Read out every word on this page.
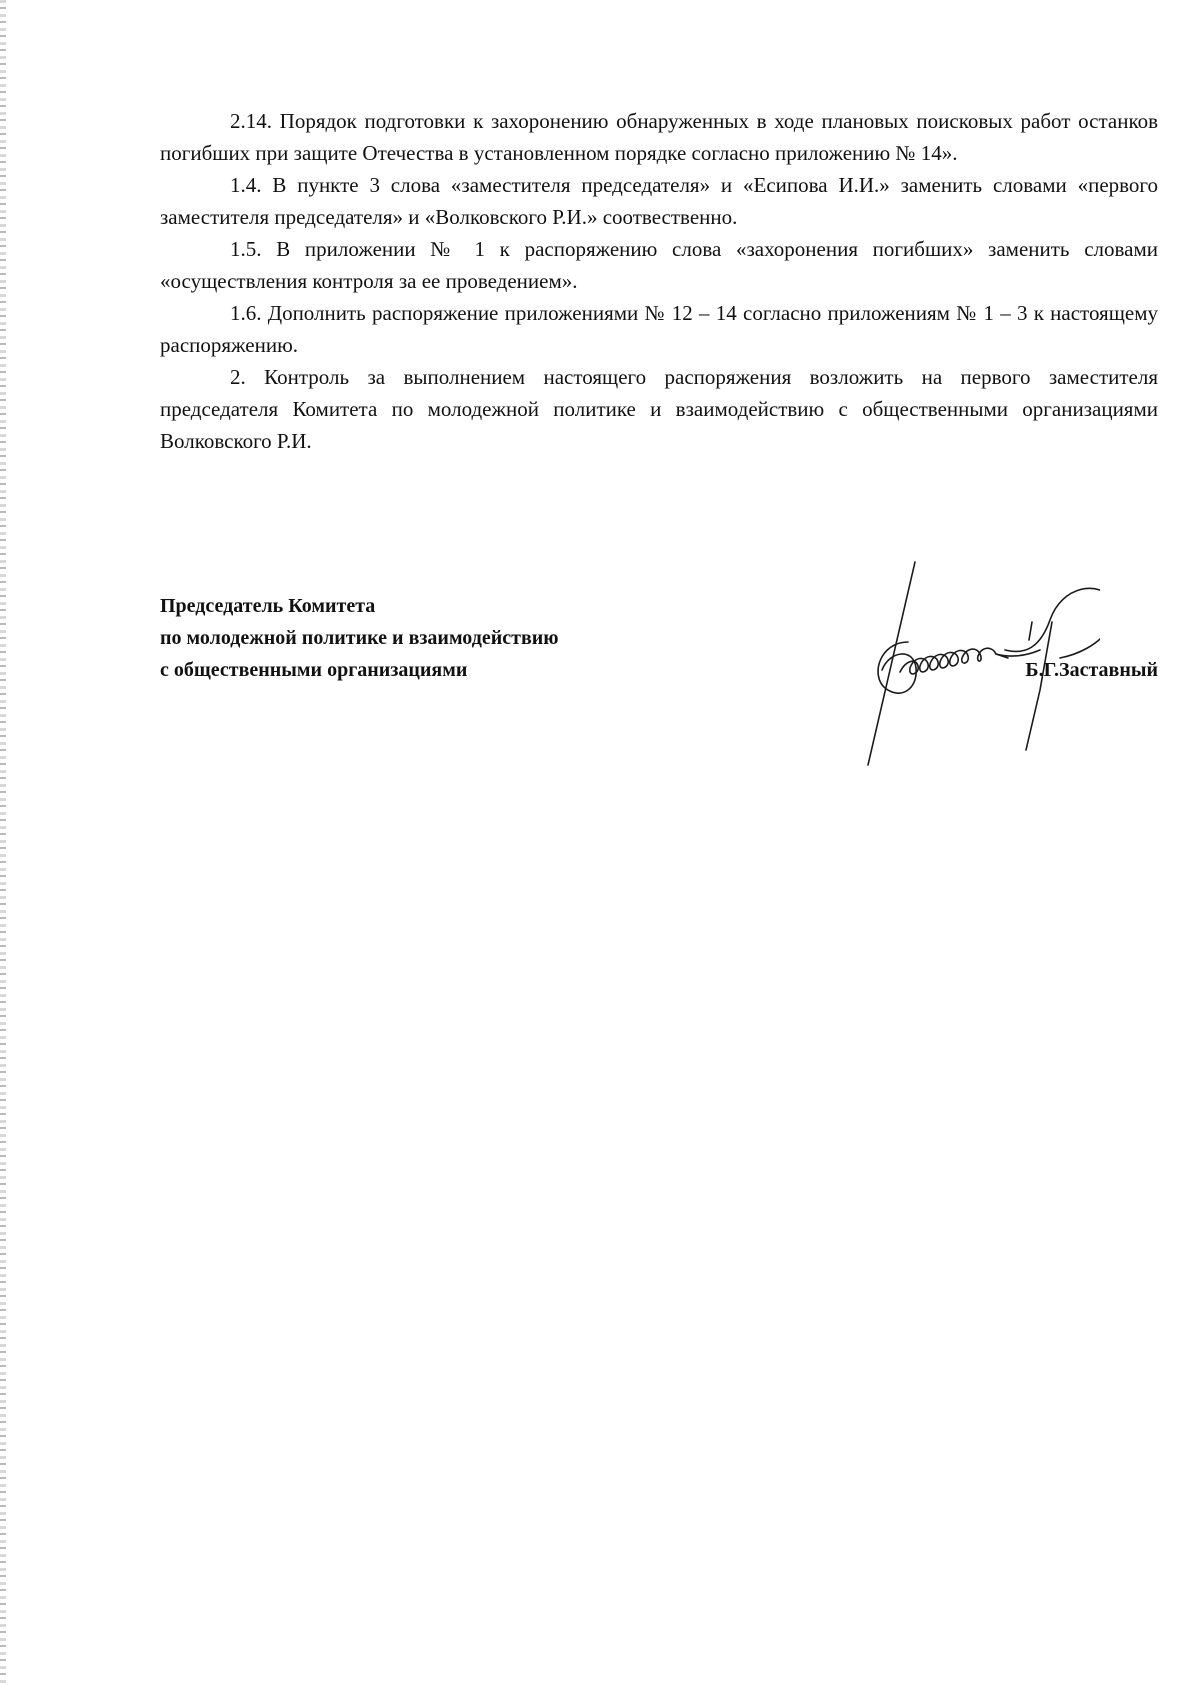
2.14. Порядок подготовки к захоронению обнаруженных в ходе плановых поисковых работ останков погибших при защите Отечества в установленном порядке согласно приложению № 14».

1.4. В пункте 3 слова «заместителя председателя» и «Есипова И.И.» заменить словами «первого заместителя председателя» и «Волковского Р.И.» соотвественно.

1.5. В приложении № 1 к распоряжению слова «захоронения погибших» заменить словами «осуществления контроля за ее проведением».

1.6. Дополнить распоряжение приложениями № 12 – 14 согласно приложениям № 1 – 3 к настоящему распоряжению.

2. Контроль за выполнением настоящего распоряжения возложить на первого заместителя председателя Комитета по молодежной политике и взаимодействию с общественными организациями Волковского Р.И.

Председатель Комитета
по молодежной политике и взаимодействию
с общественными организациями	Б.Г.Заставный
